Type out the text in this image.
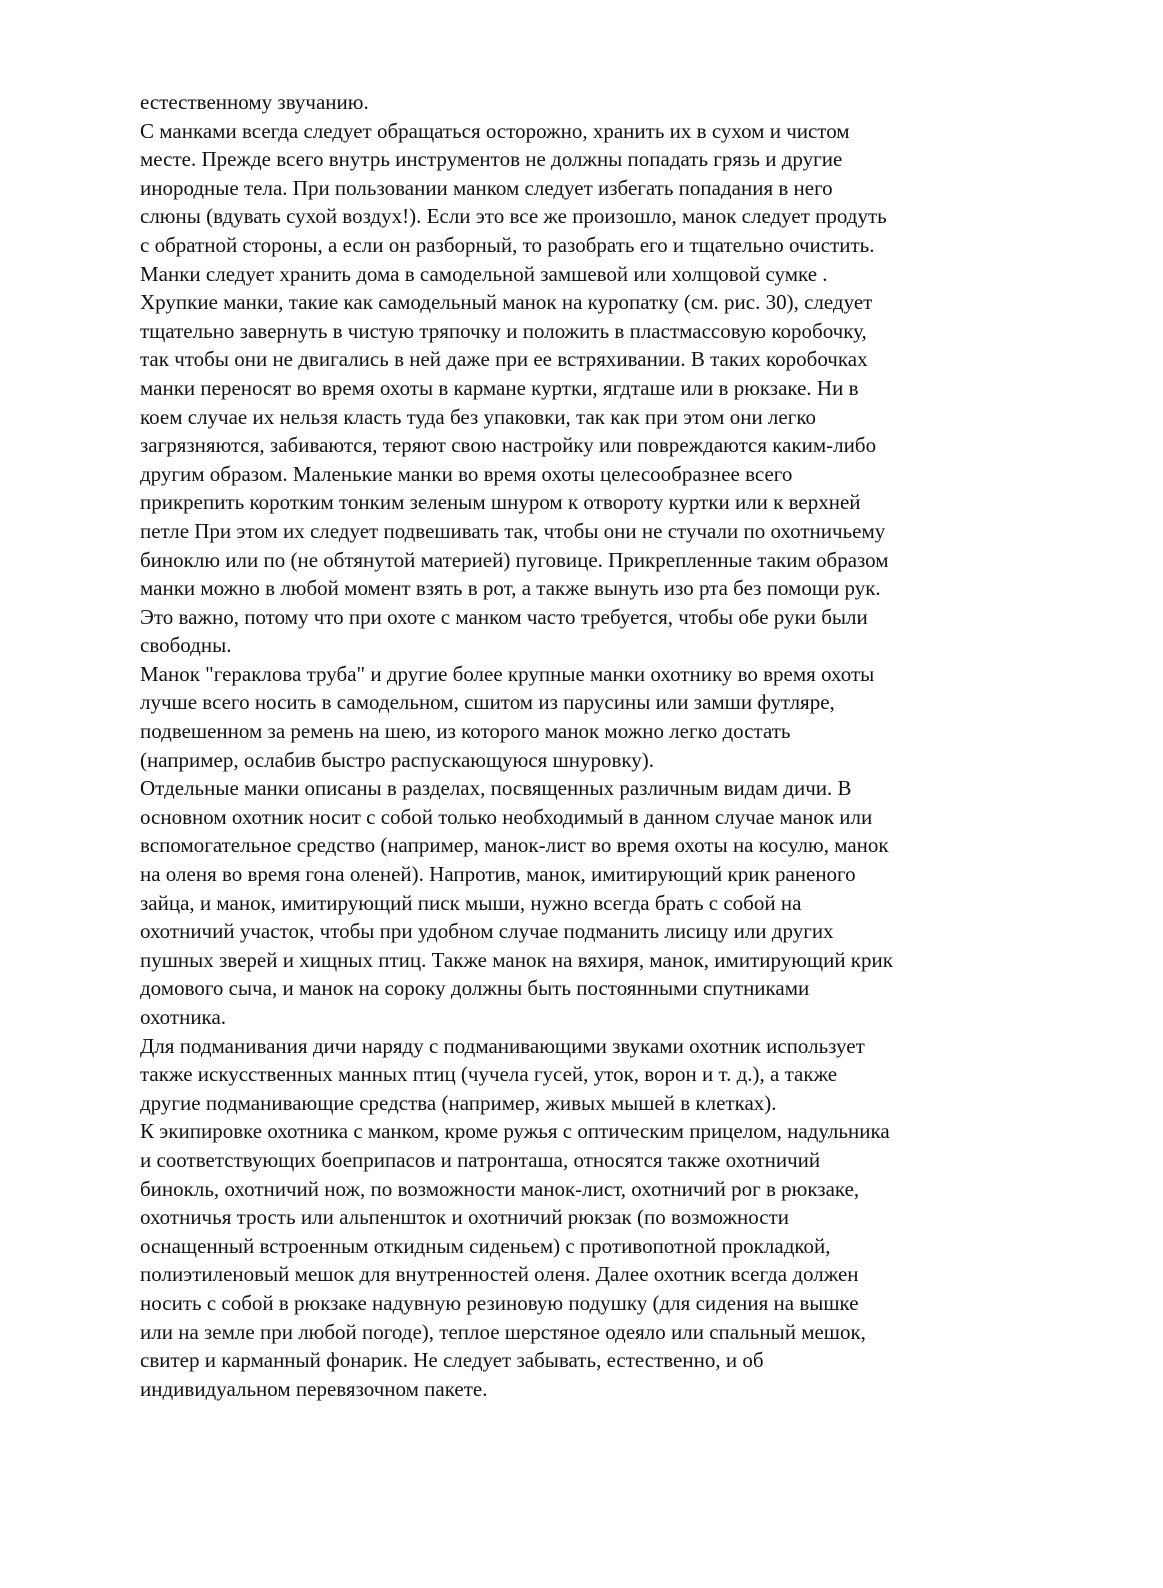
естественному звучанию.
С манками всегда следует обращаться осторожно, хранить их в сухом и чистом
месте. Прежде всего внутрь инструментов не должны попадать грязь и другие
инородные тела. При пользовании манком следует избегать попадания в него
слюны (вдувать сухой воздух!). Если это все же произошло, манок следует продуть
с обратной стороны, а если он разборный, то разобрать его и тщательно очистить.
Манки следует хранить дома в самодельной замшевой или холщовой сумке .
Хрупкие манки, такие как самодельный манок на куропатку (см. рис. 30), следует
тщательно завернуть в чистую тряпочку и положить в пластмассовую коробочку,
так чтобы они не двигались в ней даже при ее встряхивании. В таких коробочках
манки переносят во время охоты в кармане куртки, ягдташе или в рюкзаке. Ни в
коем случае их нельзя класть туда без упаковки, так как при этом они легко
загрязняются, забиваются, теряют свою настройку или повреждаются каким-либо
другим образом. Маленькие манки во время охоты целесообразнее всего
прикрепить коротким тонким зеленым шнуром к отвороту куртки или к верхней
петле При этом их следует подвешивать так, чтобы они не стучали по охотничьему
биноклю или по (не обтянутой материей) пуговице. Прикрепленные таким образом
манки можно в любой момент взять в рот, а также вынуть изо рта без помощи рук.
Это важно, потому что при охоте с манком часто требуется, чтобы обе руки были
свободны.
Манок "гераклова труба" и другие более крупные манки охотнику во время охоты
лучше всего носить в самодельном, сшитом из парусины или замши футляре,
подвешенном за ремень на шею, из которого манок можно легко достать
(например, ослабив быстро распускающуюся шнуровку).
Отдельные манки описаны в разделах, посвященных различным видам дичи. В
основном охотник носит с собой только необходимый в данном случае манок или
вспомогательное средство (например, манок-лист во время охоты на косулю, манок
на оленя во время гона оленей). Напротив, манок, имитирующий крик раненого
зайца, и манок, имитирующий писк мыши, нужно всегда брать с собой на
охотничий участок, чтобы при удобном случае подманить лисицу или других
пушных зверей и хищных птиц. Также манок на вяхиря, манок, имитирующий крик
домового сыча, и манок на сороку должны быть постоянными спутниками
охотника.
Для подманивания дичи наряду с подманивающими звуками охотник использует
также искусственных манных птиц (чучела гусей, уток, ворон и т. д.), а также
другие подманивающие средства (например, живых мышей в клетках).
К экипировке охотника с манком, кроме ружья с оптическим прицелом, надульника
и соответствующих боеприпасов и патронташа, относятся также охотничий
бинокль, охотничий нож, по возможности манок-лист, охотничий рог в рюкзаке,
охотничья трость или альпеншток и охотничий рюкзак (по возможности
оснащенный встроенным откидным сиденьем) с противопотной прокладкой,
полиэтиленовый мешок для внутренностей оленя. Далее охотник всегда должен
носить с собой в рюкзаке надувную резиновую подушку (для сидения на вышке
или на земле при любой погоде), теплое шерстяное одеяло или спальный мешок,
свитер и карманный фонарик. Не следует забывать, естественно, и об
индивидуальном перевязочном пакете.
